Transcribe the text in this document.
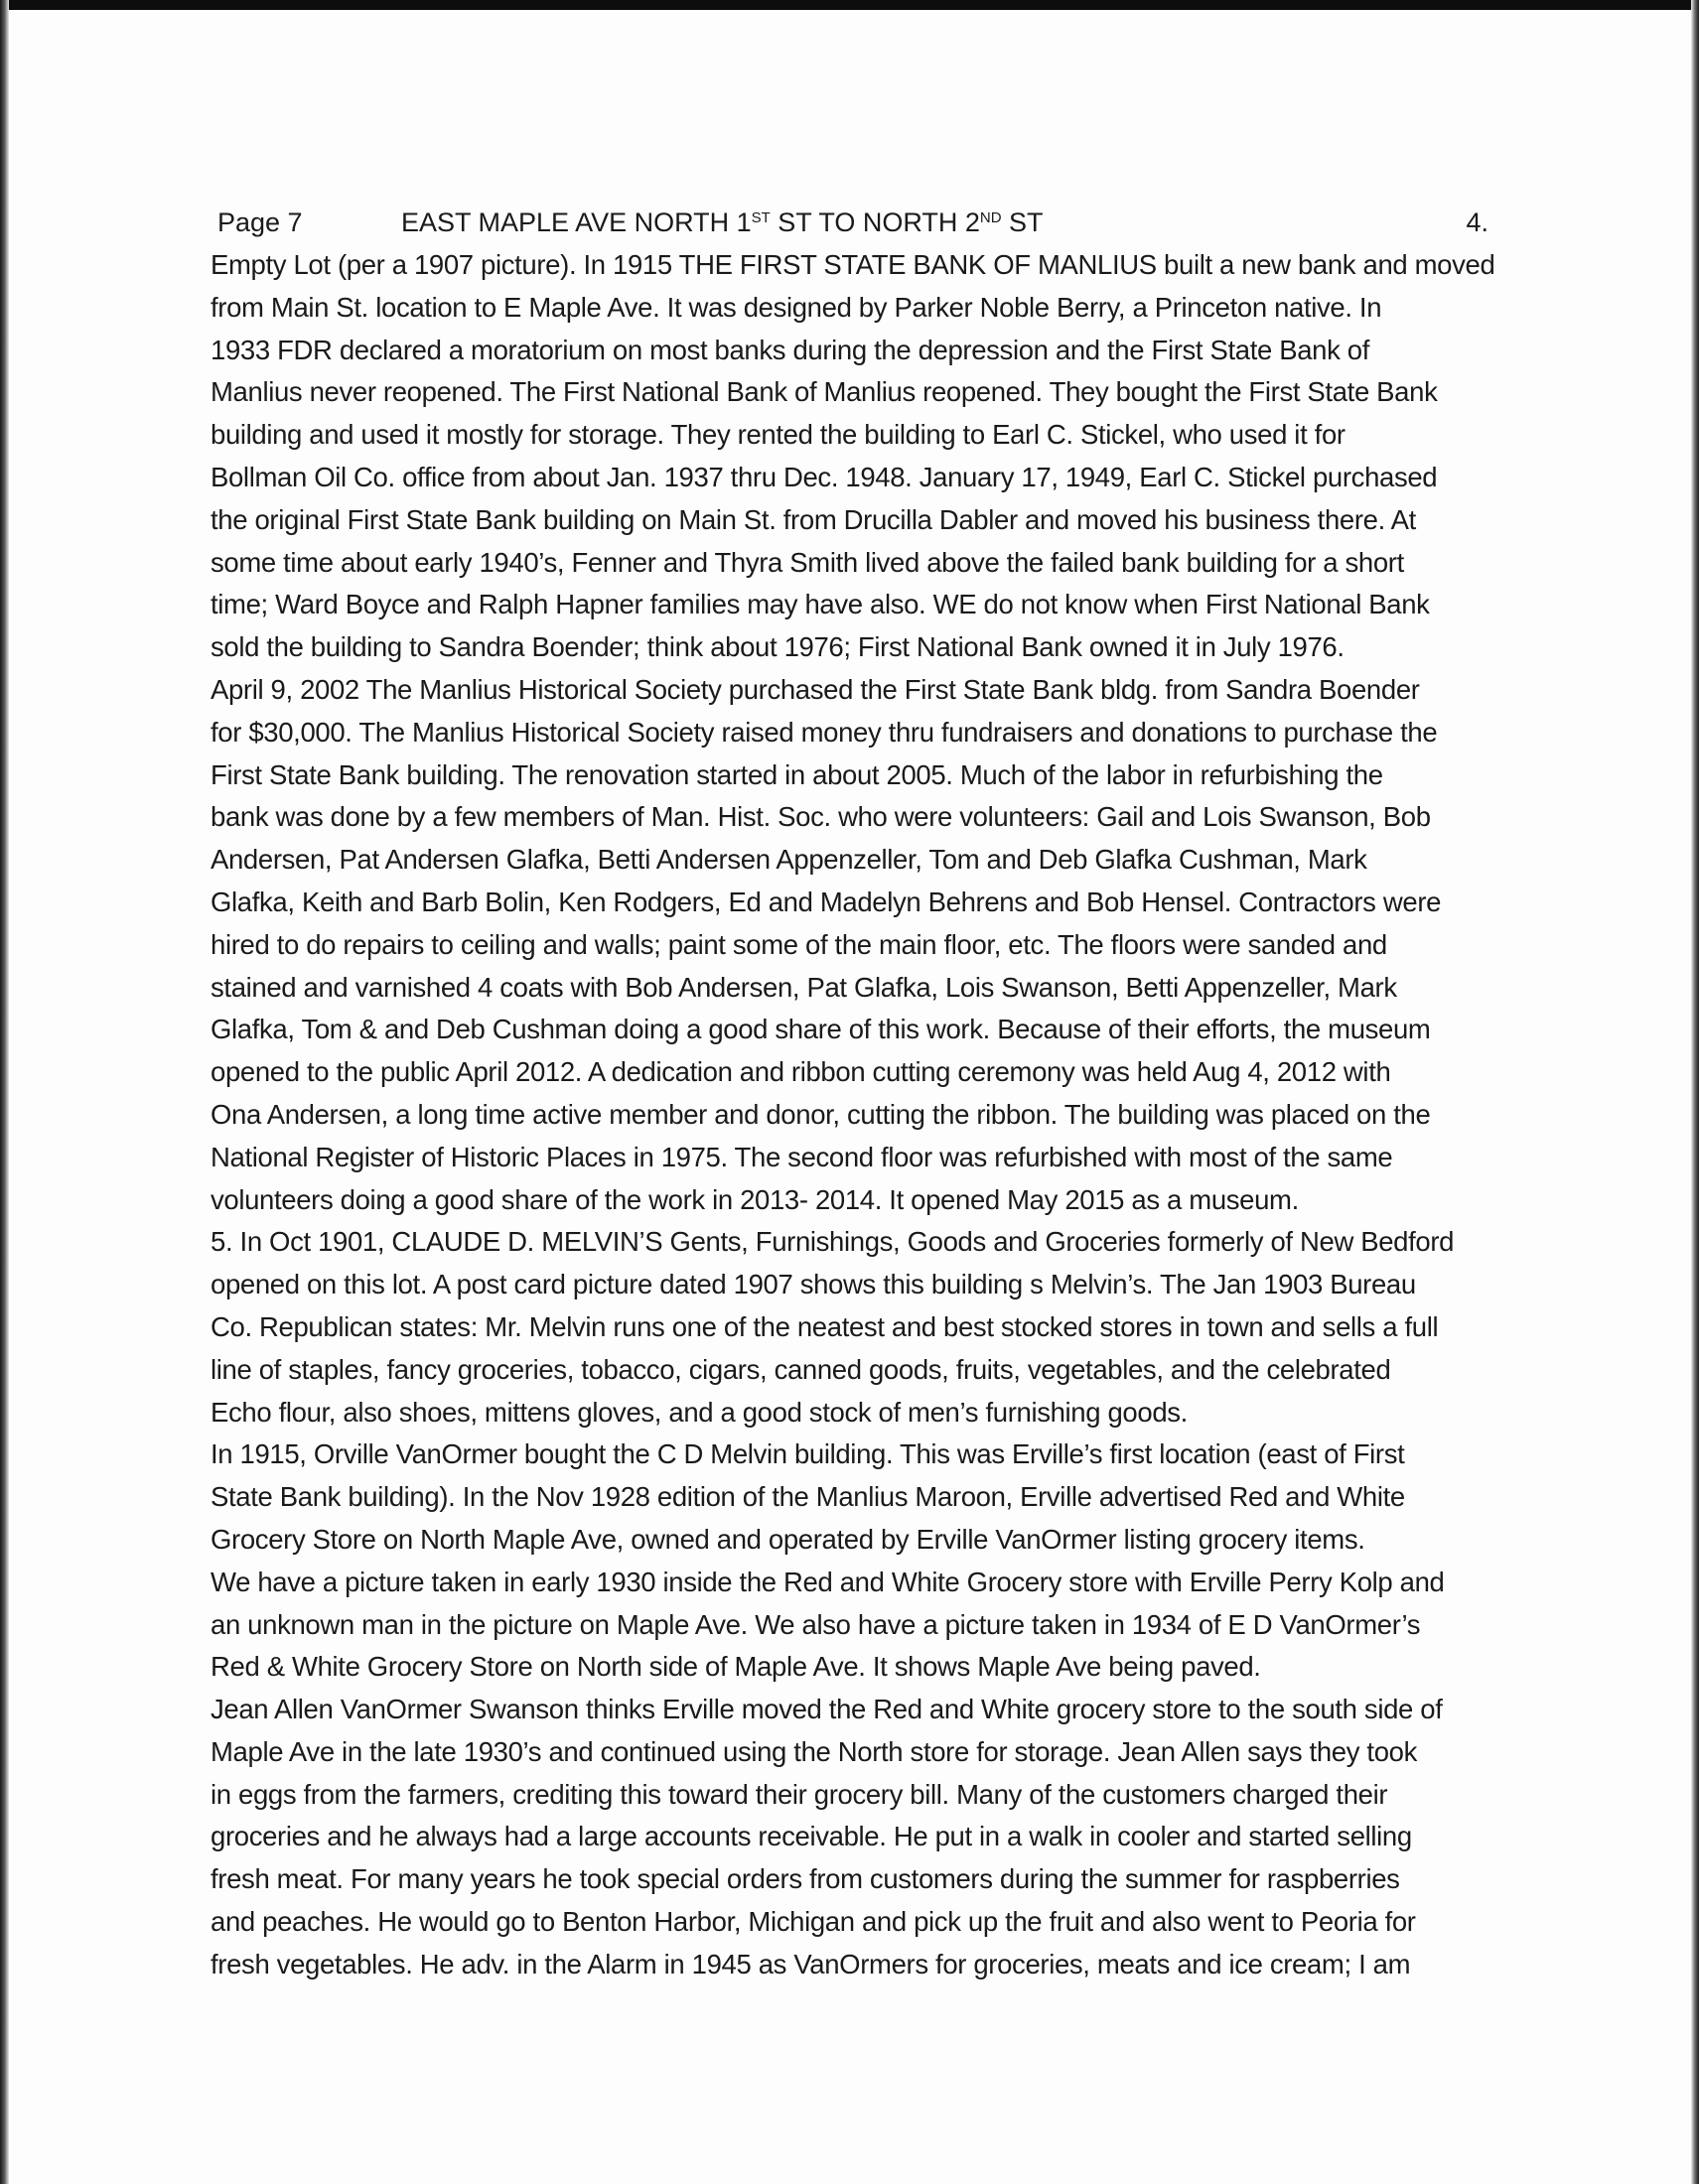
Page 7	EAST MAPLE AVE NORTH 1ST ST TO NORTH 2ND ST	4.
Empty Lot (per a 1907 picture). In 1915 THE FIRST STATE BANK OF MANLIUS built a new bank and moved
from Main St. location to E Maple Ave. It was designed by Parker Noble Berry, a Princeton native. In
1933 FDR declared a moratorium on most banks during the depression and the First State Bank of
Manlius never reopened. The First National Bank of Manlius reopened. They bought the First State Bank
building and used it mostly for storage. They rented the building to Earl C. Stickel, who used it for
Bollman Oil Co. office from about Jan. 1937 thru Dec. 1948. January 17, 1949, Earl C. Stickel purchased
the original First State Bank building on Main St. from Drucilla Dabler and moved his business there. At
some time about early 1940’s, Fenner and Thyra Smith lived above the failed bank building for a short
time; Ward Boyce and Ralph Hapner families may have also. WE do not know when First National Bank
sold the building to Sandra Boender; think about 1976; First National Bank owned it in July 1976.
April 9, 2002 The Manlius Historical Society purchased the First State Bank bldg. from Sandra Boender
for $30,000. The Manlius Historical Society raised money thru fundraisers and donations to purchase the
First State Bank building. The renovation started in about 2005. Much of the labor in refurbishing the
bank was done by a few members of Man. Hist. Soc. who were volunteers: Gail and Lois Swanson, Bob
Andersen, Pat Andersen Glafka, Betti Andersen Appenzeller, Tom and Deb Glafka Cushman, Mark
Glafka, Keith and Barb Bolin, Ken Rodgers, Ed and Madelyn Behrens and Bob Hensel. Contractors were
hired to do repairs to ceiling and walls; paint some of the main floor, etc. The floors were sanded and
stained and varnished 4 coats with Bob Andersen, Pat Glafka, Lois Swanson, Betti Appenzeller, Mark
Glafka, Tom & and Deb Cushman doing a good share of this work. Because of their efforts, the museum
opened to the public April 2012. A dedication and ribbon cutting ceremony was held Aug 4, 2012 with
Ona Andersen, a long time active member and donor, cutting the ribbon. The building was placed on the
National Register of Historic Places in 1975. The second floor was refurbished with most of the same
volunteers doing a good share of the work in 2013- 2014. It opened May 2015 as a museum.
5. In Oct 1901, CLAUDE D. MELVIN’S Gents, Furnishings, Goods and Groceries formerly of New Bedford
opened on this lot. A post card picture dated 1907 shows this building s Melvin’s. The Jan 1903 Bureau
Co. Republican states: Mr. Melvin runs one of the neatest and best stocked stores in town and sells a full
line of staples, fancy groceries, tobacco, cigars, canned goods, fruits, vegetables, and the celebrated
Echo flour, also shoes, mittens gloves, and a good stock of men’s furnishing goods.
In 1915, Orville VanOrmer bought the C D Melvin building. This was Erville’s first location (east of First
State Bank building). In the Nov 1928 edition of the Manlius Maroon, Erville advertised Red and White
Grocery Store on North Maple Ave, owned and operated by Erville VanOrmer listing grocery items.
We have a picture taken in early 1930 inside the Red and White Grocery store with Erville Perry Kolp and
an unknown man in the picture on Maple Ave. We also have a picture taken in 1934 of E D VanOrmer’s
Red & White Grocery Store on North side of Maple Ave. It shows Maple Ave being paved.
Jean Allen VanOrmer Swanson thinks Erville moved the Red and White grocery store to the south side of
Maple Ave in the late 1930’s and continued using the North store for storage. Jean Allen says they took
in eggs from the farmers, crediting this toward their grocery bill. Many of the customers charged their
groceries and he always had a large accounts receivable. He put in a walk in cooler and started selling
fresh meat. For many years he took special orders from customers during the summer for raspberries
and peaches. He would go to Benton Harbor, Michigan and pick up the fruit and also went to Peoria for
fresh vegetables. He adv. in the Alarm in 1945 as VanOrmers for groceries, meats and ice cream; I am
